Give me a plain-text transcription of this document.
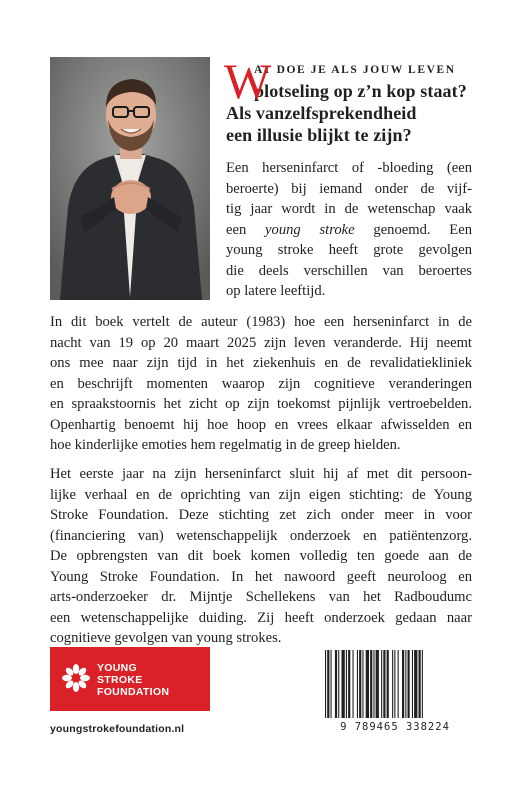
W
AT DOE JE ALS JOUW LEVEN
plotseling op z’n kop staat?
Als vanzelfsprekendheid
een illusie blijkt te zijn?
Een herseninfarct of -bloeding (een
beroerte) bij iemand onder de vijf-
tig jaar wordt in de wetenschap vaak
een young stroke genoemd. Een
young stroke heeft grote gevolgen
die deels verschillen van beroertes
op latere leeftijd.
In dit boek vertelt de auteur (1983) hoe een herseninfarct in de
nacht van 19 op 20 maart 2025 zijn leven veranderde. Hij neemt
ons mee naar zijn tijd in het ziekenhuis en de revalidatiekliniek
en beschrijft momenten waarop zijn cognitieve veranderingen
en spraakstoornis het zicht op zijn toekomst pijnlijk vertroebelden.
Openhartig benoemt hij hoe hoop en vrees elkaar afwisselden en
hoe kinderlijke emoties hem regelmatig in de greep hielden.
Het eerste jaar na zijn herseninfarct sluit hij af met dit persoon-
lijke verhaal en de oprichting van zijn eigen stichting: de Young
Stroke Foundation. Deze stichting zet zich onder meer in voor
(financiering van) wetenschappelijk onderzoek en patiëntenzorg.
De opbrengsten van dit boek komen volledig ten goede aan de
Young Stroke Foundation. In het nawoord geeft neuroloog en
arts-onderzoeker dr. Mijntje Schellekens van het Radboudumc
een wetenschappelijke duiding. Zij heeft onderzoek gedaan naar
cognitieve gevolgen van young strokes.
YOUNG
STROKE
FOUNDATION
youngstrokefoundation.nl	9 789465 338224
